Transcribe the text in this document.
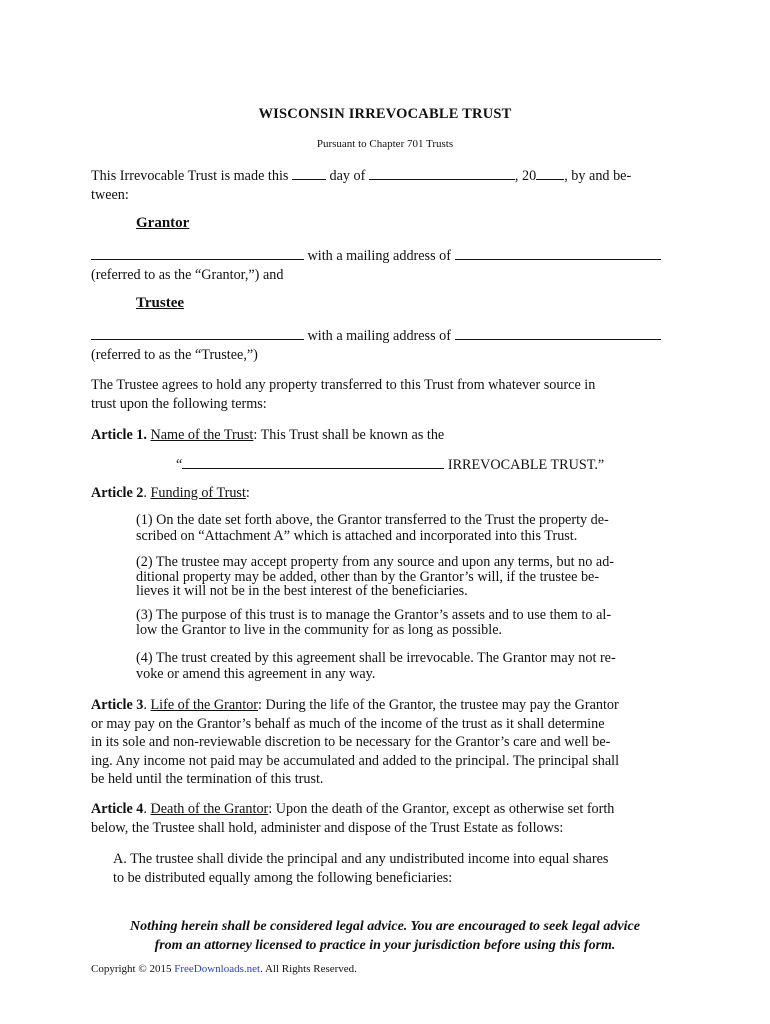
WISCONSIN IRREVOCABLE TRUST
Pursuant to Chapter 701 Trusts
This Irrevocable Trust is made this  day of	, 20 , by and be-
tween:
Grantor
with a mailing address of
(referred to as the “Grantor,”) and
Trustee
with a mailing address of
(referred to as the “Trustee,”)
The Trustee agrees to hold any property transferred to this Trust from whatever source in
trust upon the following terms:
Article 1. Name of the Trust: This Trust shall be known as the
“	IRREVOCABLE TRUST.”
Article 2. Funding of Trust:
(1) On the date set forth above, the Grantor transferred to the Trust the property de-
scribed on “Attachment A” which is attached and incorporated into this Trust.
(2) The trustee may accept property from any source and upon any terms, but no ad-
ditional property may be added, other than by the Grantor’s will, if the trustee be-
lieves it will not be in the best interest of the beneficiaries.
(3) The purpose of this trust is to manage the Grantor’s assets and to use them to al-
low the Grantor to live in the community for as long as possible.
(4) The trust created by this agreement shall be irrevocable. The Grantor may not re-
voke or amend this agreement in any way.
Article 3. Life of the Grantor: During the life of the Grantor, the trustee may pay the Grantor
or may pay on the Grantor’s behalf as much of the income of the trust as it shall determine
in its sole and non-reviewable discretion to be necessary for the Grantor’s care and well be-
ing. Any income not paid may be accumulated and added to the principal. The principal shall
be held until the termination of this trust.
Article 4. Death of the Grantor: Upon the death of the Grantor, except as otherwise set forth
below, the Trustee shall hold, administer and dispose of the Trust Estate as follows:
A. The trustee shall divide the principal and any undistributed income into equal shares
to be distributed equally among the following beneficiaries:
Nothing herein shall be considered legal advice. You are encouraged to seek legal advice
from an attorney licensed to practice in your jurisdiction before using this form.
Copyright © 2015 FreeDownloads.net. All Rights Reserved.
